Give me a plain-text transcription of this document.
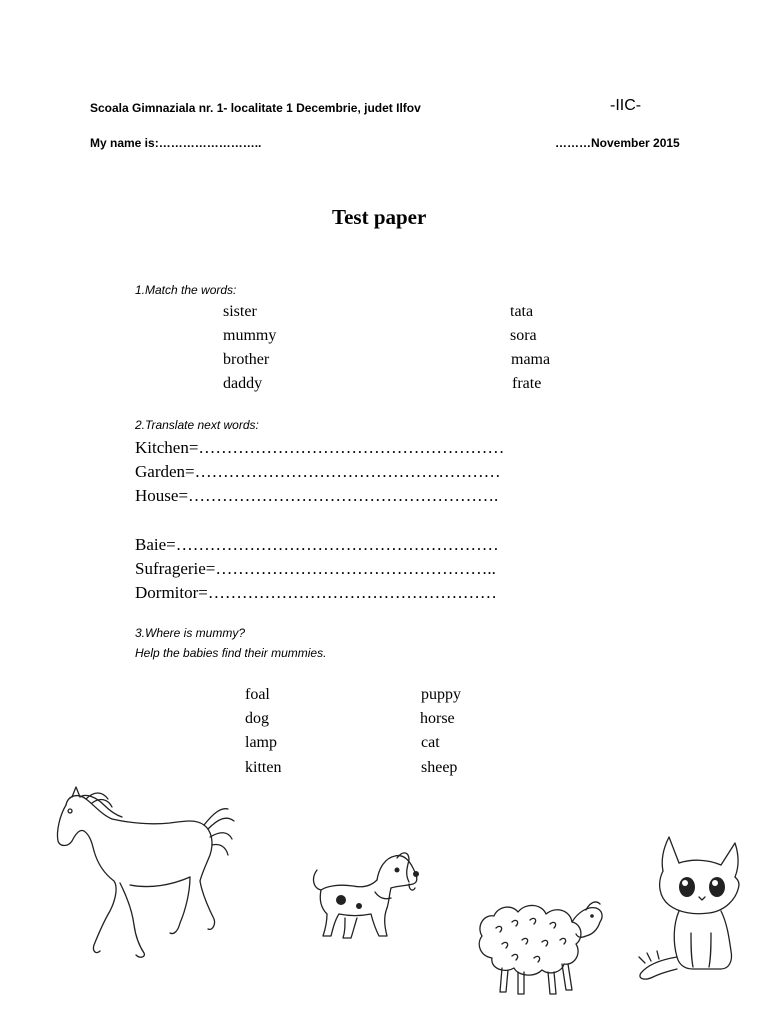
Scoala Gimnaziala nr. 1- localitate 1 Decembrie, judet Ilfov	-IIC-
My name is:……………………..	………November 2015
Test paper
1.Match the words:
sister
mummy
brother
daddy
tata
sora
mama
frate
2.Translate next words:
Kitchen=………………………………………………
Garden=………………………………………………
House=……………………………………………….
Baie=…………………………………………………
Sufragerie=…………………………………………..
Dormitor=……………………………………………
3.Where is mummy?
Help the babies find their mummies.
foal
dog
lamp
kitten
puppy
horse
cat
sheep
